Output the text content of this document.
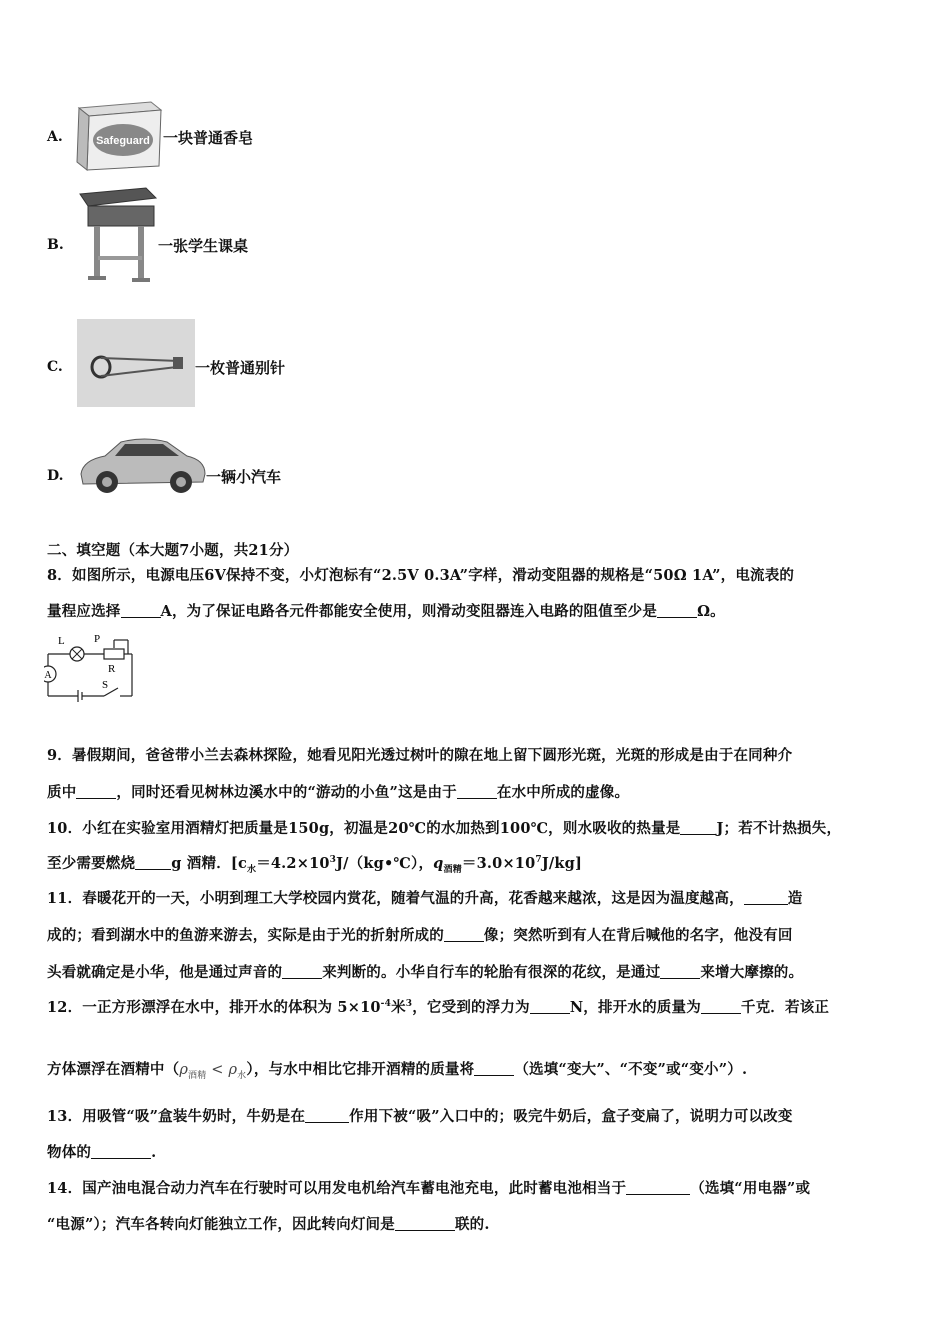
A.	Safeguard 一块普通香皂
B.	一张学生课桌
C.	一枚普通别针
D.	一辆小汽车
二、填空题（本大题7小题，共21分）
8．如图所示，电源电压6V保持不变，小灯泡标有“2.5V 0.3A”字样，滑动变阻器的规格是“50Ω 1A”，电流表的
量程应选择	A，为了保证电路各元件都能安全使用，则滑动变阻器连入电路的阻值至少是	Ω。
A
L	P
R
S
9．暑假期间，爸爸带小兰去森林探险，她看见阳光透过树叶的隙在地上留下圆形光斑，光斑的形成是由于在同种介
质中	，同时还看见树林边溪水中的“游动的小鱼”这是由于	在水中所成的虚像。
10．小红在实验室用酒精灯把质量是150g，初温是20℃的水加热到100℃，则水吸收的热量是 J；若不计热损失，
至少需要燃烧 g 酒精．[$c_水=4.2\times 10^3J/(kg•℃)$，$q_{酒精}=3.0\times 10^7J/kg$]
11．春暖花开的一天，小明到理工大学校园内赏花，随着气温的升高，花香越来越浓，这是因为温度越高，	造
成的；看到湖水中的鱼游来游去，实际是由于光的折射所成的	像；突然听到有人在背后喊他的名字，他没有回
头看就确定是小华，他是通过声音的	来判断的。小华自行车的轮胎有很深的花纹，是通过	来增大摩擦的。
12．一正方形漂浮在水中，排开水的体积为 $5\times 10^{-4}$米$^3$，它受到的浮力为	N，排开水的质量为	千克．若该正
方体漂浮在酒精中$(\rho_{酒精} < \rho_水)$，与水中相比它排开酒精的质量将	（选填“变大”、“不变”或“变小”）.
13．用吸管“吸”盒装牛奶时，牛奶是在	作用下被“吸”入口中的；吸完牛奶后，盒子变扁了，说明力可以改变
物体的	.
14．国产油电混合动力汽车在行驶时可以用发电机给汽车蓄电池充电，此时蓄电池相当于	（选填“用电器”或
“电源”）；汽车各转向灯能独立工作，因此转向灯间是	联的.
